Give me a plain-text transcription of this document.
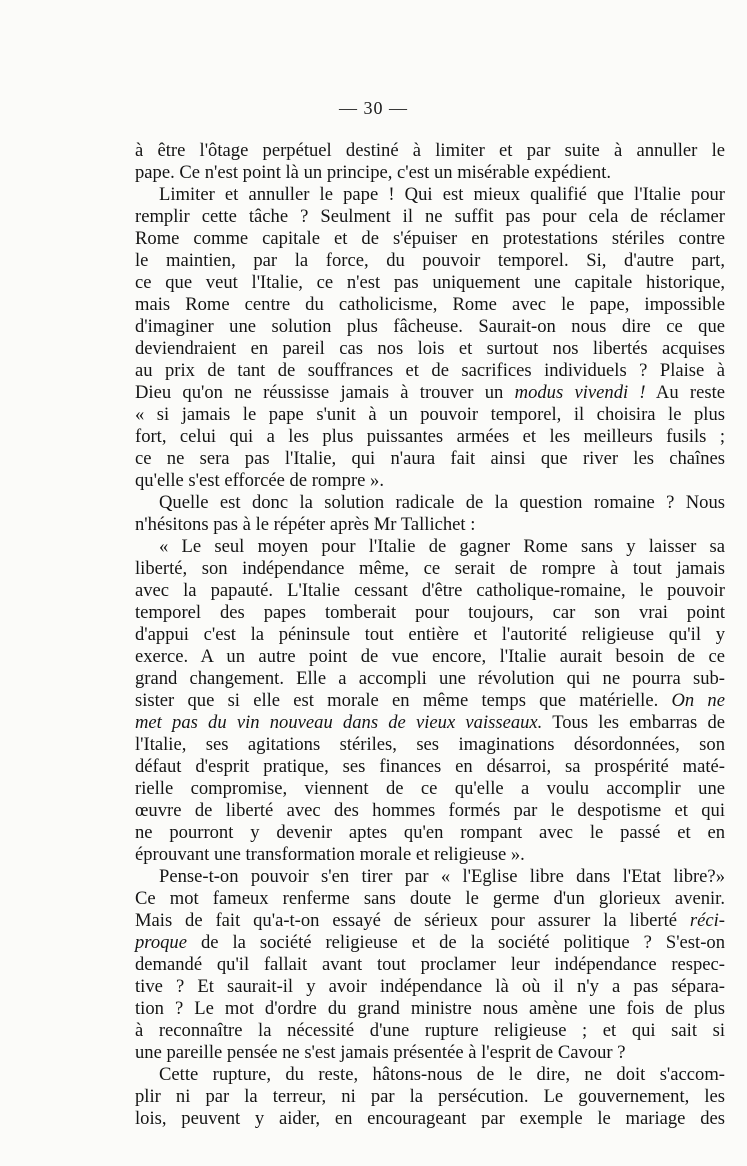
— 30 —
à être l'ôtage perpétuel destiné à limiter et par suite à annuller le
pape. Ce n'est point là un principe, c'est un misérable expédient.
Limiter et annuller le pape ! Qui est mieux qualifié que l'Italie pour
remplir cette tâche ? Seulment il ne suffit pas pour cela de réclamer
Rome comme capitale et de s'épuiser en protestations stériles contre
le maintien, par la force, du pouvoir temporel. Si, d'autre part,
ce que veut l'Italie, ce n'est pas uniquement une capitale historique,
mais Rome centre du catholicisme, Rome avec le pape, impossible
d'imaginer une solution plus fâcheuse. Saurait-on nous dire ce que
deviendraient en pareil cas nos lois et surtout nos libertés acquises
au prix de tant de souffrances et de sacrifices individuels ? Plaise à
Dieu qu'on ne réussisse jamais à trouver un modus vivendi ! Au reste
« si jamais le pape s'unit à un pouvoir temporel, il choisira le plus
fort, celui qui a les plus puissantes armées et les meilleurs fusils ;
ce ne sera pas l'Italie, qui n'aura fait ainsi que river les chaînes
qu'elle s'est efforcée de rompre ».
Quelle est donc la solution radicale de la question romaine ? Nous
n'hésitons pas à le répéter après Mr Tallichet :
« Le seul moyen pour l'Italie de gagner Rome sans y laisser sa
liberté, son indépendance même, ce serait de rompre à tout jamais
avec la papauté. L'Italie cessant d'être catholique-romaine, le pouvoir
temporel des papes tomberait pour toujours, car son vrai point
d'appui c'est la péninsule tout entière et l'autorité religieuse qu'il y
exerce. A un autre point de vue encore, l'Italie aurait besoin de ce
grand changement. Elle a accompli une révolution qui ne pourra sub-
sister que si elle est morale en même temps que matérielle. On ne
met pas du vin nouveau dans de vieux vaisseaux. Tous les embarras de
l'Italie, ses agitations stériles, ses imaginations désordonnées, son
défaut d'esprit pratique, ses finances en désarroi, sa prospérité maté-
rielle compromise, viennent de ce qu'elle a voulu accomplir une
œuvre de liberté avec des hommes formés par le despotisme et qui
ne pourront y devenir aptes qu'en rompant avec le passé et en
éprouvant une transformation morale et religieuse ».
Pense-t-on pouvoir s'en tirer par « l'Eglise libre dans l'Etat libre?»
Ce mot fameux renferme sans doute le germe d'un glorieux avenir.
Mais de fait qu'a-t-on essayé de sérieux pour assurer la liberté réci-
proque de la société religieuse et de la société politique ? S'est-on
demandé qu'il fallait avant tout proclamer leur indépendance respec-
tive ? Et saurait-il y avoir indépendance là où il n'y a pas sépara-
tion ? Le mot d'ordre du grand ministre nous amène une fois de plus
à reconnaître la nécessité d'une rupture religieuse ; et qui sait si
une pareille pensée ne s'est jamais présentée à l'esprit de Cavour ?
Cette rupture, du reste, hâtons-nous de le dire, ne doit s'accom-
plir ni par la terreur, ni par la persécution. Le gouvernement, les
lois, peuvent y aider, en encourageant par exemple le mariage des
